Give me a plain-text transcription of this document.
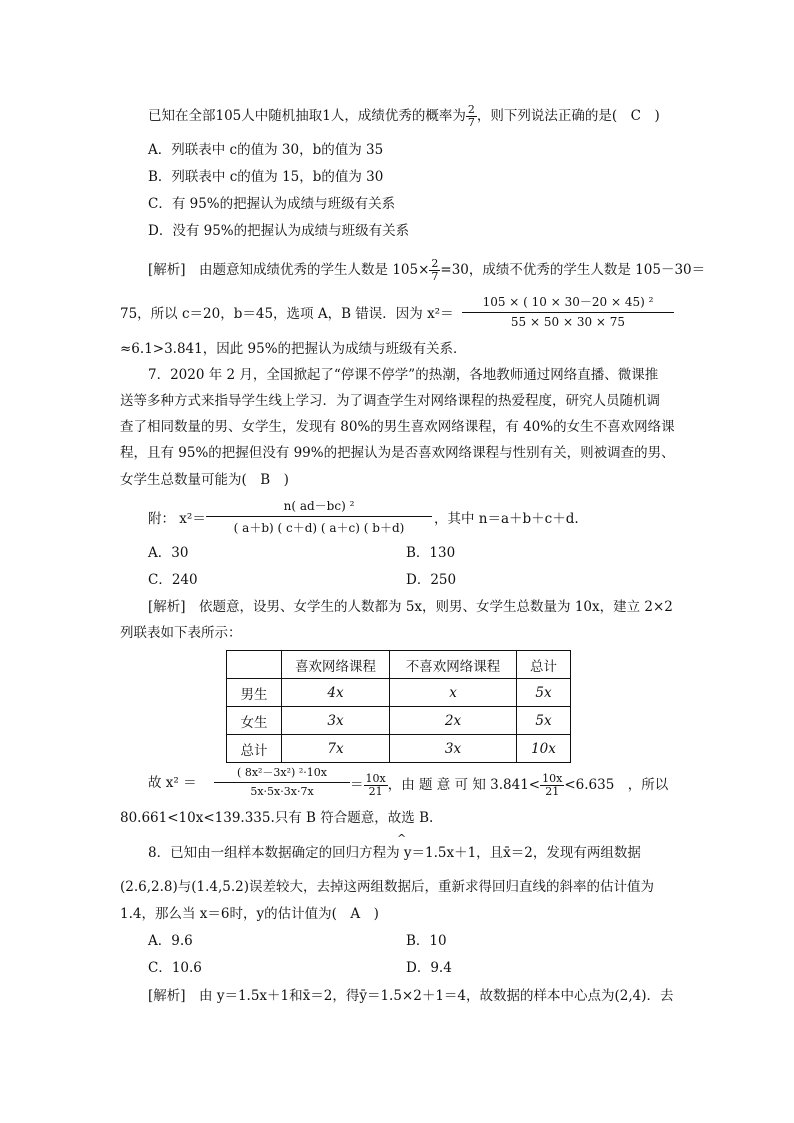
已知在全部105人中随机抽取1人，成绩优秀的概率为 $\frac{2}{7}$ ，则下列说法正确的是(　C　)
A．列联表中 c的值为 30，b的值为 35
B．列联表中 c的值为 15，b的值为 30
C．有 95%的把握认为成绩与班级有关系
D．没有 95%的把握认为成绩与班级有关系
[解析]　由题意知成绩优秀的学生人数是 $105\times \frac{2}{7} =30$，成绩不优秀的学生人数是 105－30＝
75，所以 c＝20，b＝45，选项 A，B 错误．因为 $x^2= \frac{\text{105 × ( 10 × 30－20 × 45) ²}}{55 \times 50 \times 30 \times 75}$
≈6.1>3.841，因此 95%的把握认为成绩与班级有关系．
7．2020 年 2 月，全国掀起了“停课不停学”的热潮，各地教师通过网络直播、微课推
送等多种方式来指导学生线上学习．为了调查学生对网络课程的热爱程度，研究人员随机调
查了相同数量的男、女学生，发现有 80%的男生喜欢网络课程，有 40%的女生不喜欢网络课
程，且有 95%的把握但没有 99%的把握认为是否喜欢网络课程与性别有关，则被调查的男、
女学生总数量可能为(　B　)
附： $x^2= \frac{\text{n( ad－bc) ²}}{( a+b) ( c+d) ( a+c) ( b+d)}$ ，其中 n＝a＋b＋c＋d.
A．30	B．130
C．240	D．250
[解析]　依题意，设男、女学生的人数都为 5x，则男、女学生总数量为 10x，建立 2×2
列联表如下表所示：
	喜欢网络课程	不喜欢网络课程	总计
男生	4x	x	5x
女生	3x	2x	5x
总计	7x	3x	10x
故 $x^2 = \frac{\text{( 8x²－3x²) ²·10x}}{5x\cdot 5x\cdot 3x\cdot 7x} = \frac{10x}{21}$ ，由 题 意 可 知 $3.841< \frac{10x}{21} <6.635$　，所以
80.661<10x<139.335.只有 B 符合题意，故选 B.
^
8．已知由一组样本数据确定的回归方程为 y＝1.5x＋1，且x̄＝2，发现有两组数据
(2.6,2.8)与(1.4,5.2)误差较大，去掉这两组数据后，重新求得回归直线的斜率的估计值为
1.4，那么当 x＝6时，y的估计值为(　A　)
A．9.6	B．10
C．10.6	D．9.4
[解析]　由 y＝1.5x＋1和x̄＝2，得ȳ＝1.5×2＋1＝4，故数据的样本中心点为(2,4)．去
